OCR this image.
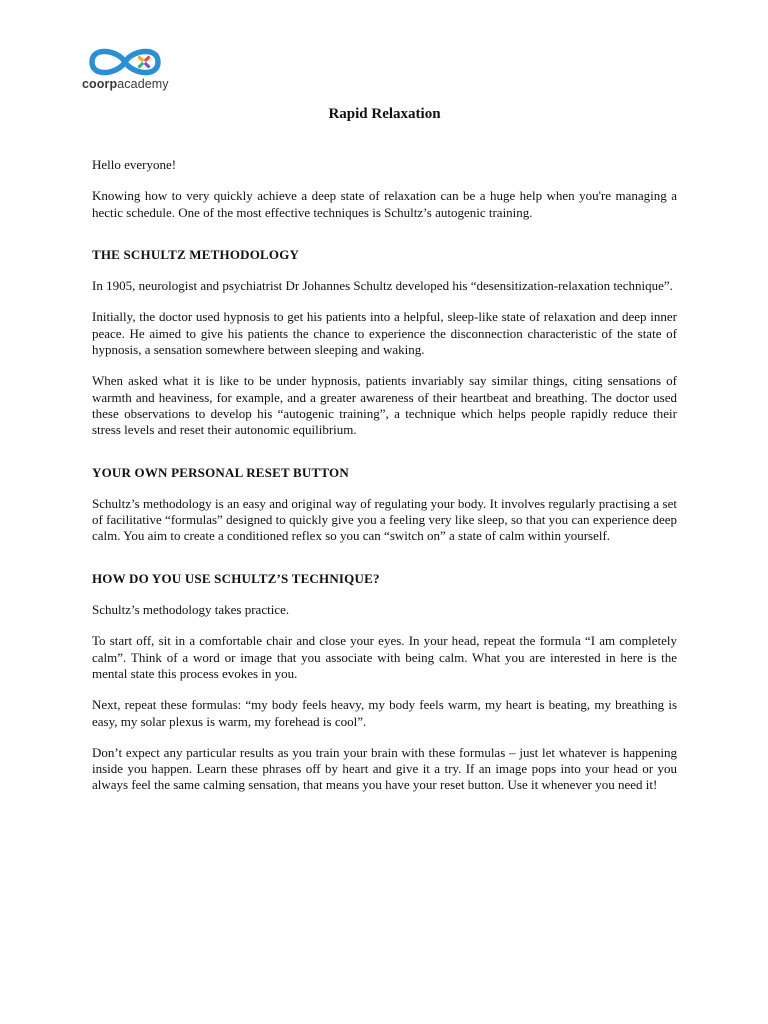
coorpacademy

Rapid Relaxation

Hello everyone!

Knowing how to very quickly achieve a deep state of relaxation can be a huge help when you're managing a hectic schedule. One of the most effective techniques is Schultz’s autogenic training.

THE SCHULTZ METHODOLOGY

In 1905, neurologist and psychiatrist Dr Johannes Schultz developed his “desensitization-relaxation technique”.

Initially, the doctor used hypnosis to get his patients into a helpful, sleep-like state of relaxation and deep inner peace. He aimed to give his patients the chance to experience the disconnection characteristic of the state of hypnosis, a sensation somewhere between sleeping and waking.

When asked what it is like to be under hypnosis, patients invariably say similar things, citing sensations of warmth and heaviness, for example, and a greater awareness of their heartbeat and breathing. The doctor used these observations to develop his “autogenic training”, a technique which helps people rapidly reduce their stress levels and reset their autonomic equilibrium.

YOUR OWN PERSONAL RESET BUTTON

Schultz’s methodology is an easy and original way of regulating your body. It involves regularly practising a set of facilitative “formulas” designed to quickly give you a feeling very like sleep, so that you can experience deep calm. You aim to create a conditioned reflex so you can “switch on” a state of calm within yourself.

HOW DO YOU USE SCHULTZ’S TECHNIQUE?

Schultz’s methodology takes practice.

To start off, sit in a comfortable chair and close your eyes. In your head, repeat the formula “I am completely calm”. Think of a word or image that you associate with being calm. What you are interested in here is the mental state this process evokes in you.

Next, repeat these formulas: “my body feels heavy, my body feels warm, my heart is beating, my breathing is easy, my solar plexus is warm, my forehead is cool”.

Don’t expect any particular results as you train your brain with these formulas – just let whatever is happening inside you happen. Learn these phrases off by heart and give it a try. If an image pops into your head or you always feel the same calming sensation, that means you have your reset button. Use it whenever you need it!
